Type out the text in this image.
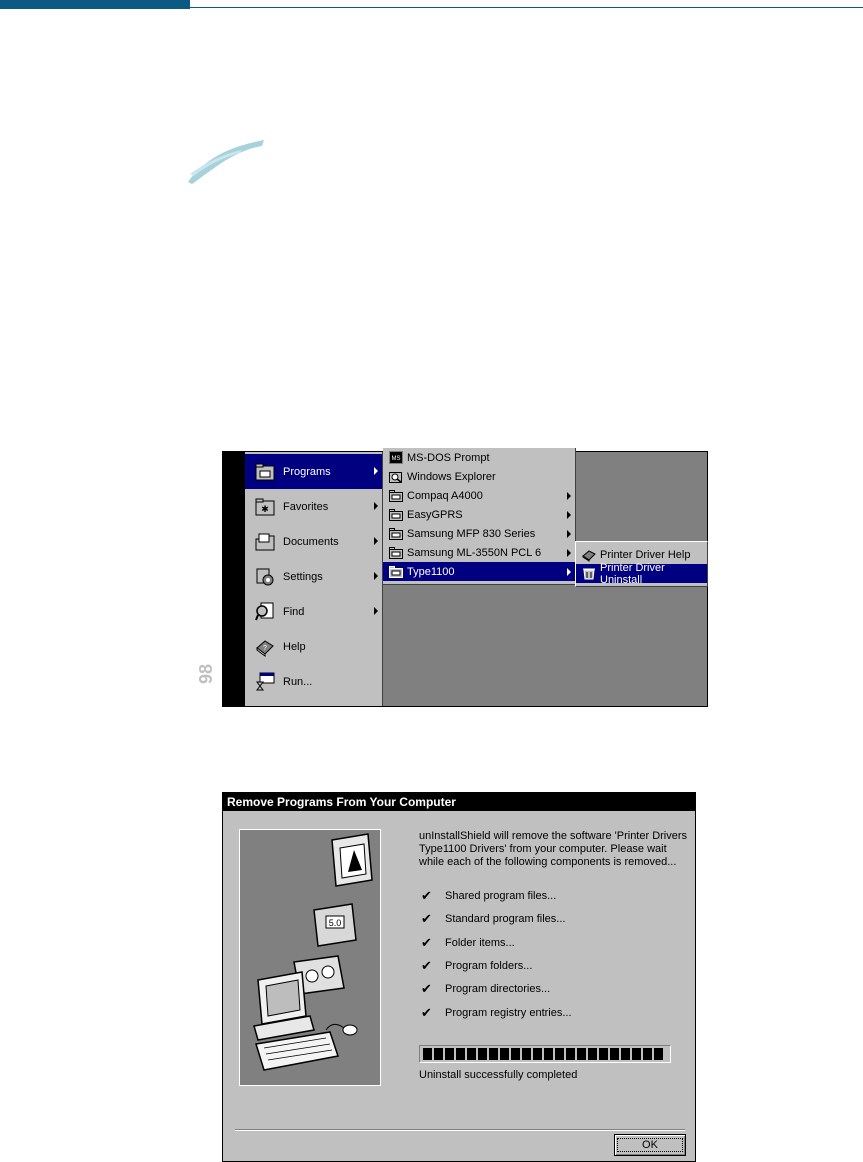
98
Programs
✱ Favorites
Documents
Settings
Find
? Help
Run...
MS MS-DOS Prompt
Windows Explorer
Compaq A4000
EasyGPRS
Samsung MFP 830 Series
Samsung ML-3550N PCL 6
Type1100
Printer Driver Help
Printer Driver Uninstall
Remove Programs From Your Computer
5.0
unInstallShield will remove the software 'Printer Drivers Type1100 Drivers' from your computer. Please wait while each of the following components is removed...
✔	Shared program files...
✔	Standard program files...
✔	Folder items...
✔	Program folders...
✔	Program directories...
✔	Program registry entries...
Uninstall successfully completed
OK
